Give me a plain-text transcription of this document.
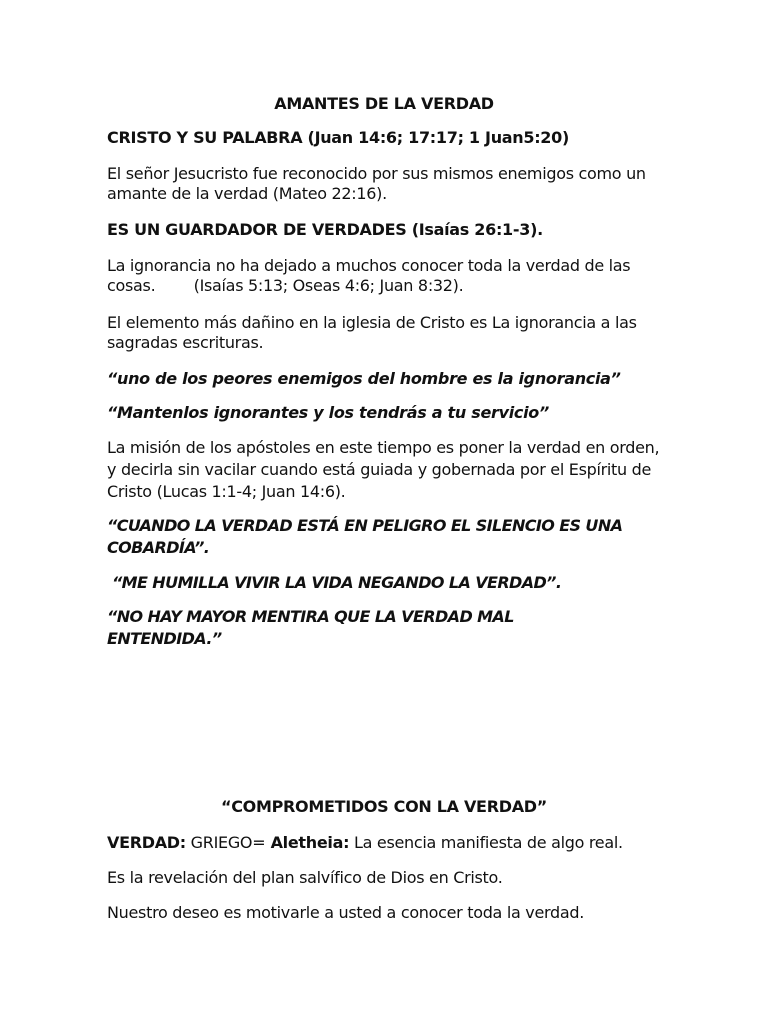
AMANTES DE LA VERDAD
CRISTO Y SU PALABRA (Juan 14:6; 17:17; 1 Juan5:20)
El señor Jesucristo fue reconocido por sus mismos enemigos como un
amante de la verdad (Mateo 22:16).
ES UN GUARDADOR DE VERDADES (Isaías 26:1-3).
La ignorancia no ha dejado a muchos conocer toda la verdad de las
cosas.        (Isaías 5:13; Oseas 4:6; Juan 8:32).
El elemento más dañino en la iglesia de Cristo es La ignorancia a las
sagradas escrituras.
“uno de los peores enemigos del hombre es la ignorancia”
“Mantenlos ignorantes y los tendrás a tu servicio”
La misión de los apóstoles en este tiempo es poner la verdad en orden,
y decirla sin vacilar cuando está guiada y gobernada por el Espíritu de
Cristo (Lucas 1:1-4; Juan 14:6).
“CUANDO LA VERDAD ESTÁ EN PELIGRO EL SILENCIO ES UNA
COBARDÍA”.
“ME HUMILLA VIVIR LA VIDA NEGANDO LA VERDAD”.
“NO HAY MAYOR MENTIRA QUE LA VERDAD MAL
ENTENDIDA.”
“COMPROMETIDOS CON LA VERDAD”
VERDAD: GRIEGO= Aletheia: La esencia manifiesta de algo real.
Es la revelación del plan salvífico de Dios en Cristo.
Nuestro deseo es motivarle a usted a conocer toda la verdad.
